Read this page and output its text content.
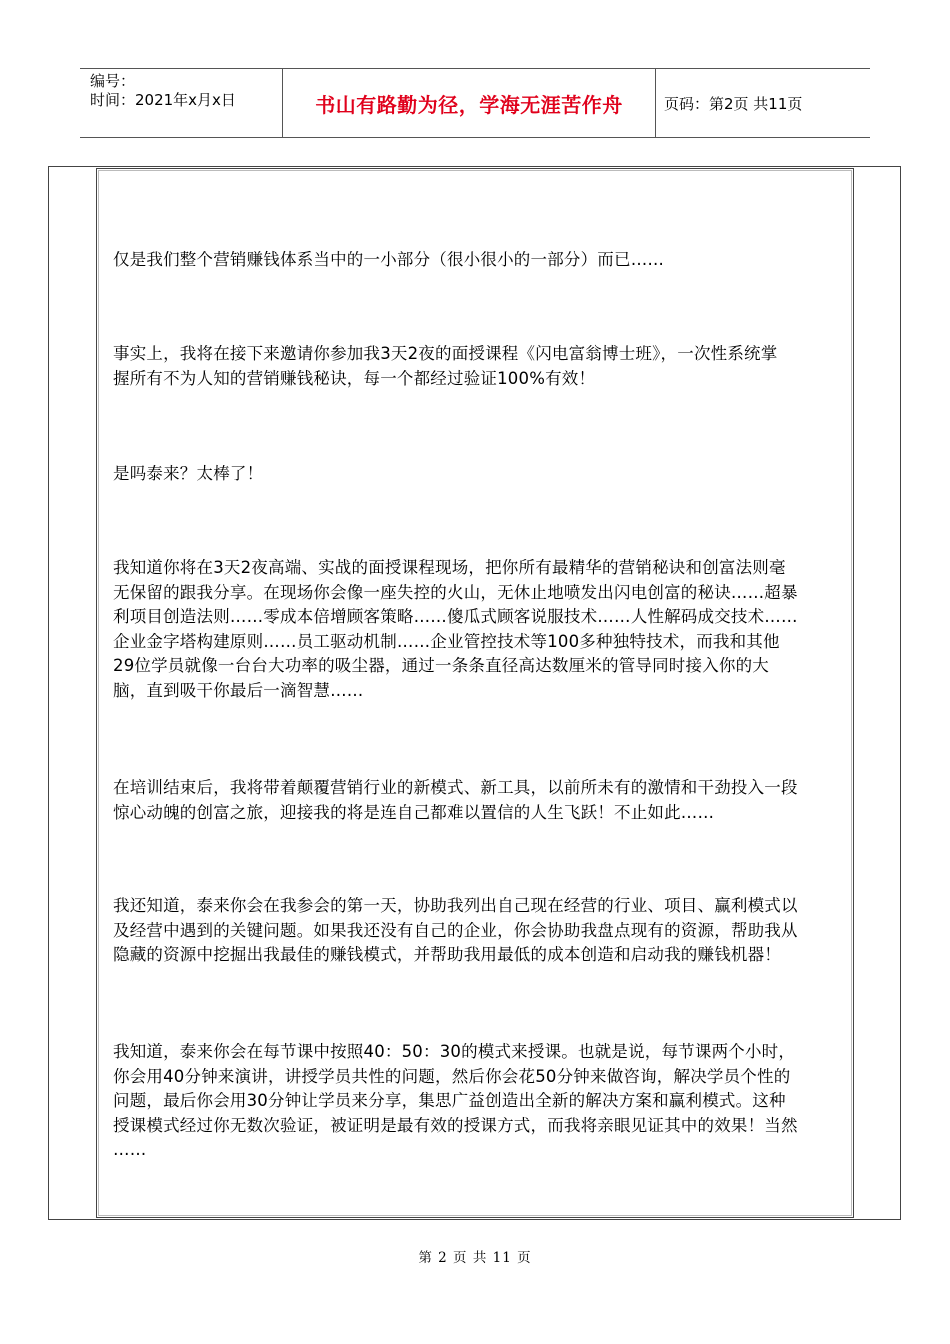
编号：
时间：2021年x月x日	书山有路勤为径，学海无涯苦作舟	页码：第2页 共11页
仅是我们整个营销赚钱体系当中的一小部分（很小很小的一部分）而已……
事实上，我将在接下来邀请你参加我3天2夜的面授课程《闪电富翁博士班》，一次性系统掌
握所有不为人知的营销赚钱秘诀，每一个都经过验证100%有效！
是吗泰来？太棒了！
我知道你将在3天2夜高端、实战的面授课程现场，把你所有最精华的营销秘诀和创富法则毫
无保留的跟我分享。在现场你会像一座失控的火山，无休止地喷发出闪电创富的秘诀……超暴
利项目创造法则……零成本倍增顾客策略……傻瓜式顾客说服技术……人性解码成交技术……
企业金字塔构建原则……员工驱动机制……企业管控技术等100多种独特技术，而我和其他
29位学员就像一台台大功率的吸尘器，通过一条条直径高达数厘米的管导同时接入你的大
脑，直到吸干你最后一滴智慧……
在培训结束后，我将带着颠覆营销行业的新模式、新工具，以前所未有的激情和干劲投入一段
惊心动魄的创富之旅，迎接我的将是连自己都难以置信的人生飞跃！不止如此……
我还知道，泰来你会在我参会的第一天，协助我列出自己现在经营的行业、项目、赢利模式以
及经营中遇到的关键问题。如果我还没有自己的企业，你会协助我盘点现有的资源，帮助我从
隐藏的资源中挖掘出我最佳的赚钱模式，并帮助我用最低的成本创造和启动我的赚钱机器！
我知道，泰来你会在每节课中按照40：50：30的模式来授课。也就是说，每节课两个小时，
你会用40分钟来演讲，讲授学员共性的问题，然后你会花50分钟来做咨询，解决学员个性的
问题，最后你会用30分钟让学员来分享，集思广益创造出全新的解决方案和赢利模式。这种
授课模式经过你无数次验证，被证明是最有效的授课方式，而我将亲眼见证其中的效果！当然
……
第 2 页 共 11 页
